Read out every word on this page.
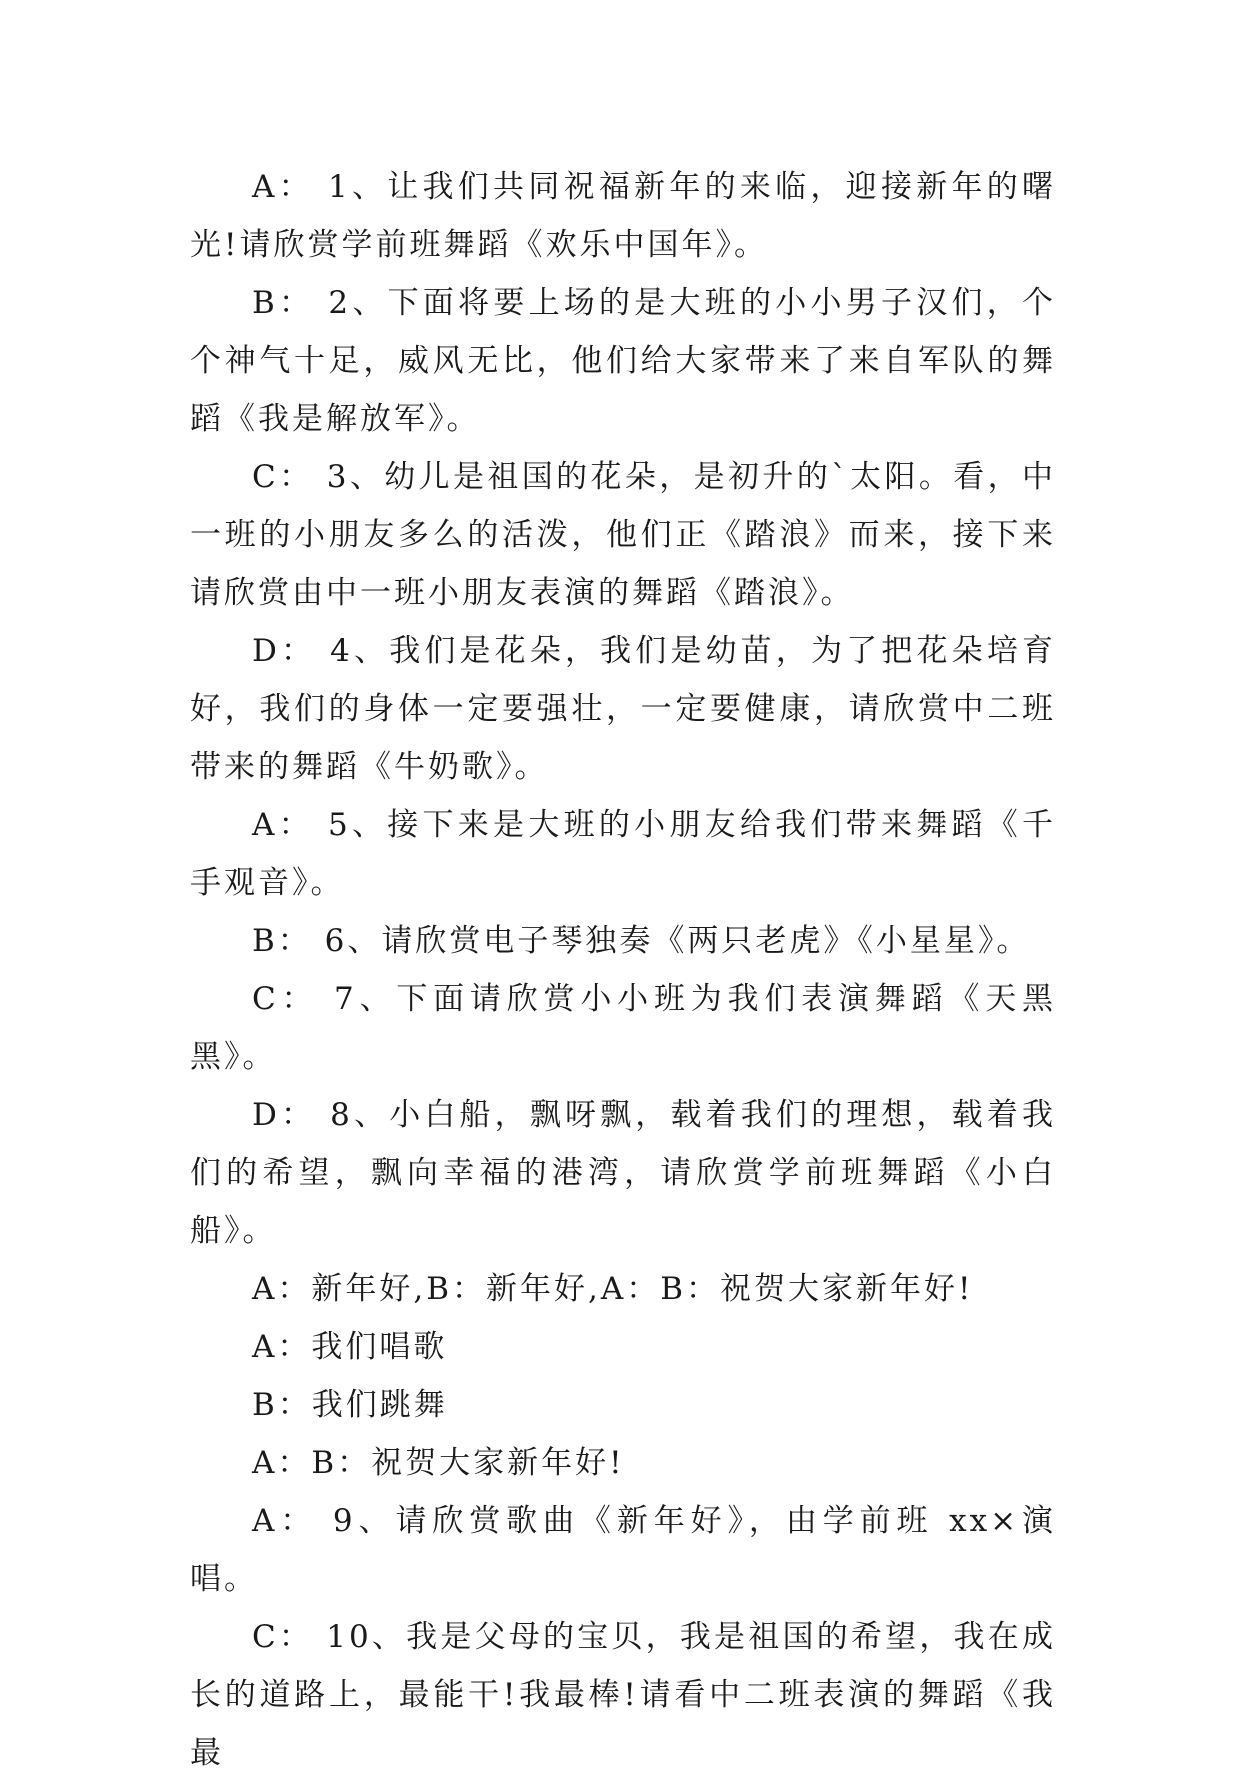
A： 1、让我们共同祝福新年的来临，迎接新年的曙光!请欣赏学前班舞蹈《欢乐中国年》。

B： 2、下面将要上场的是大班的小小男子汉们，个个神气十足，威风无比，他们给大家带来了来自军队的舞蹈《我是解放军》。

C： 3、幼儿是祖国的花朵，是初升的`太阳。看，中一班的小朋友多么的活泼，他们正《踏浪》而来，接下来请欣赏由中一班小朋友表演的舞蹈《踏浪》。

D： 4、我们是花朵，我们是幼苗，为了把花朵培育好，我们的身体一定要强壮，一定要健康，请欣赏中二班带来的舞蹈《牛奶歌》。

A： 5、接下来是大班的小朋友给我们带来舞蹈《千手观音》。

B： 6、请欣赏电子琴独奏《两只老虎》《小星星》。

C： 7、下面请欣赏小小班为我们表演舞蹈《天黑黑》。

D： 8、小白船，飘呀飘，载着我们的理想，载着我们的希望，飘向幸福的港湾，请欣赏学前班舞蹈《小白船》。

A：新年好,B：新年好,A：B：祝贺大家新年好!

A：我们唱歌

B：我们跳舞

A：B：祝贺大家新年好!

A： 9、请欣赏歌曲《新年好》，由学前班 xx×演唱。

C： 10、我是父母的宝贝，我是祖国的希望，我在成长的道路上，最能干!我最棒!请看中二班表演的舞蹈《我最
